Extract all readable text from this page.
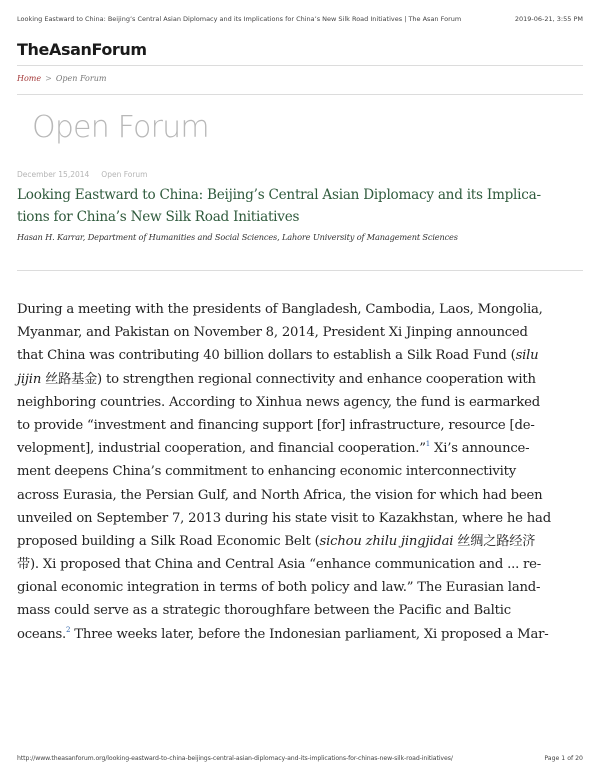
Looking Eastward to China: Beijing’s Central Asian Diplomacy and its Implications for China’s New Silk Road Initiatives | The Asan Forum	2019-06-21, 3:55 PM
TheAsanForum
Home > Open Forum
Open Forum
December 15,2014 Open Forum
Looking Eastward to China: Beijing’s Central Asian Diplomacy and its Implica-
tions for China’s New Silk Road Initiatives
Hasan H. Karrar, Department of Humanities and Social Sciences, Lahore University of Management Sciences
During a meeting with the presidents of Bangladesh, Cambodia, Laos, Mongolia,
Myanmar, and Pakistan on November 8, 2014, President Xi Jinping announced
that China was contributing 40 billion dollars to establish a Silk Road Fund (silu
jijin 丝路基金) to strengthen regional connectivity and enhance cooperation with
neighboring countries. According to Xinhua news agency, the fund is earmarked
to provide “investment and financing support [for] infrastructure, resource [de-
velopment], industrial cooperation, and financial cooperation.”$^1$ Xi’s announce-
ment deepens China’s commitment to enhancing economic interconnectivity
across Eurasia, the Persian Gulf, and North Africa, the vision for which had been
unveiled on September 7, 2013 during his state visit to Kazakhstan, where he had
proposed building a Silk Road Economic Belt (sichou zhilu jingjidai 丝绸之路经济
带). Xi proposed that China and Central Asia “enhance communication and ... re-
gional economic integration in terms of both policy and law.” The Eurasian land-
mass could serve as a strategic thoroughfare between the Pacific and Baltic
oceans.$^2$ Three weeks later, before the Indonesian parliament, Xi proposed a Mar-
http://www.theasanforum.org/looking-eastward-to-china-beijings-central-asian-diplomacy-and-its-implications-for-chinas-new-silk-road-initiatives/	Page 1 of 20
